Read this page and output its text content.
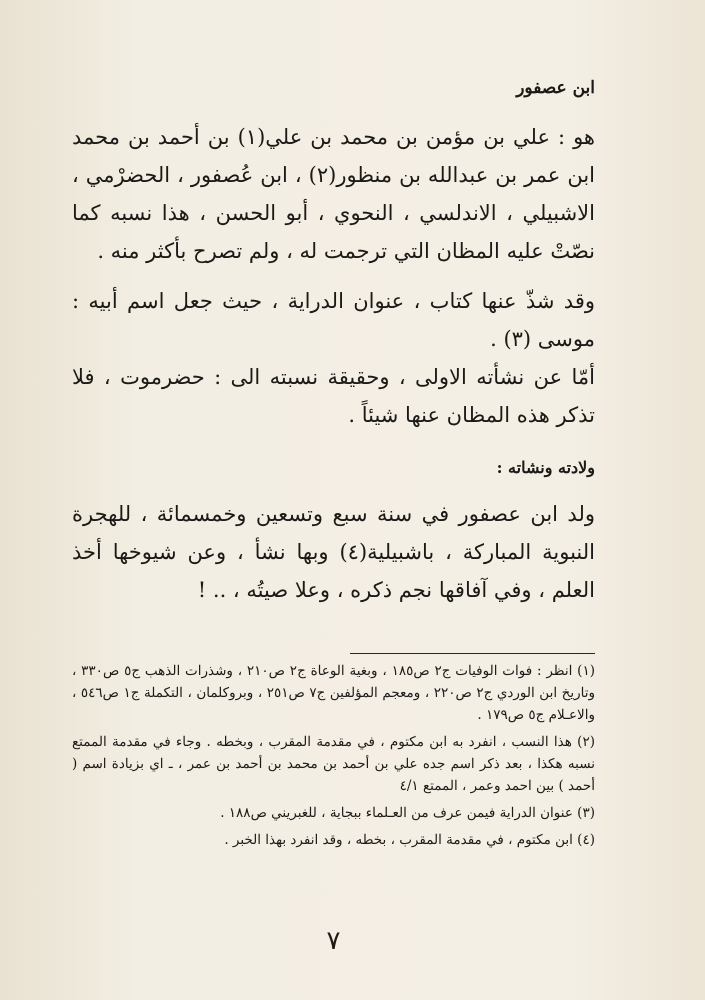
ابن عصفور

هو : علي بن مؤمن بن محمد بن علي(١) بن أحمد بن محمد ابن عمر بن عبدالله بن منظور(٢) ، ابن عُصفور ، الحضرْمي ، الاشبيلي ، الاندلسي ، النحوي ، أبو الحسن ، هذا نسبه كما نصّتْ عليه المظان التي ترجمت له ، ولم تصرح بأكثر منه .

وقد شذّ عنها كتاب ، عنوان الدراية ، حيث جعل اسم أبيه : موسى (٣) .

أمّا عن نشأته الاولى ، وحقيقة نسبته الى : حضرموت ، فلا تذكر هذه المظان عنها شيئاً .

ولادته ونشاته :

ولد ابن عصفور في سنة سبع وتسعين وخمسمائة ، للهجرة النبوية المباركة ، باشبيلية(٤) وبها نشأ ، وعن شيوخها أخذ العلم ، وفي آفاقها نجم ذكره ، وعلا صيتُه ، .. !

(١) انظر : فوات الوفيات ج٢ ص١٨٥ ، وبغية الوعاة ج٢ ص٢١٠ ، وشذرات الذهب ج٥ ص٣٣٠ ، وتاريخ ابن الوردي ج٢ ص٢٢٠ ، ومعجم المؤلفين ج٧ ص٢٥١ ، وبروكلمان ، التكملة ج١ ص٥٤٦ ، والاعـلام ج٥ ص١٧٩ .

(٢) هذا النسب ، انفرد به ابن مكتوم ، في مقدمة المقرب ، وبخطه . وجاء في مقدمة الممتع نسبه هكذا ، بعد ذكر اسم جده علي بن أحمد بن محمد بن أحمد بن عمر ، ـ اي بزيادة اسم ( أحمد ) بين احمد وعمر ، الممتع ٤/١

(٣) عنوان الدراية فيمن عرف من العـلماء ببجاية ، للغبريني ص١٨٨ .

(٤) ابن مكتوم ، في مقدمة المقرب ، بخطه ، وقد انفرد بهذا الخبر .

٧
